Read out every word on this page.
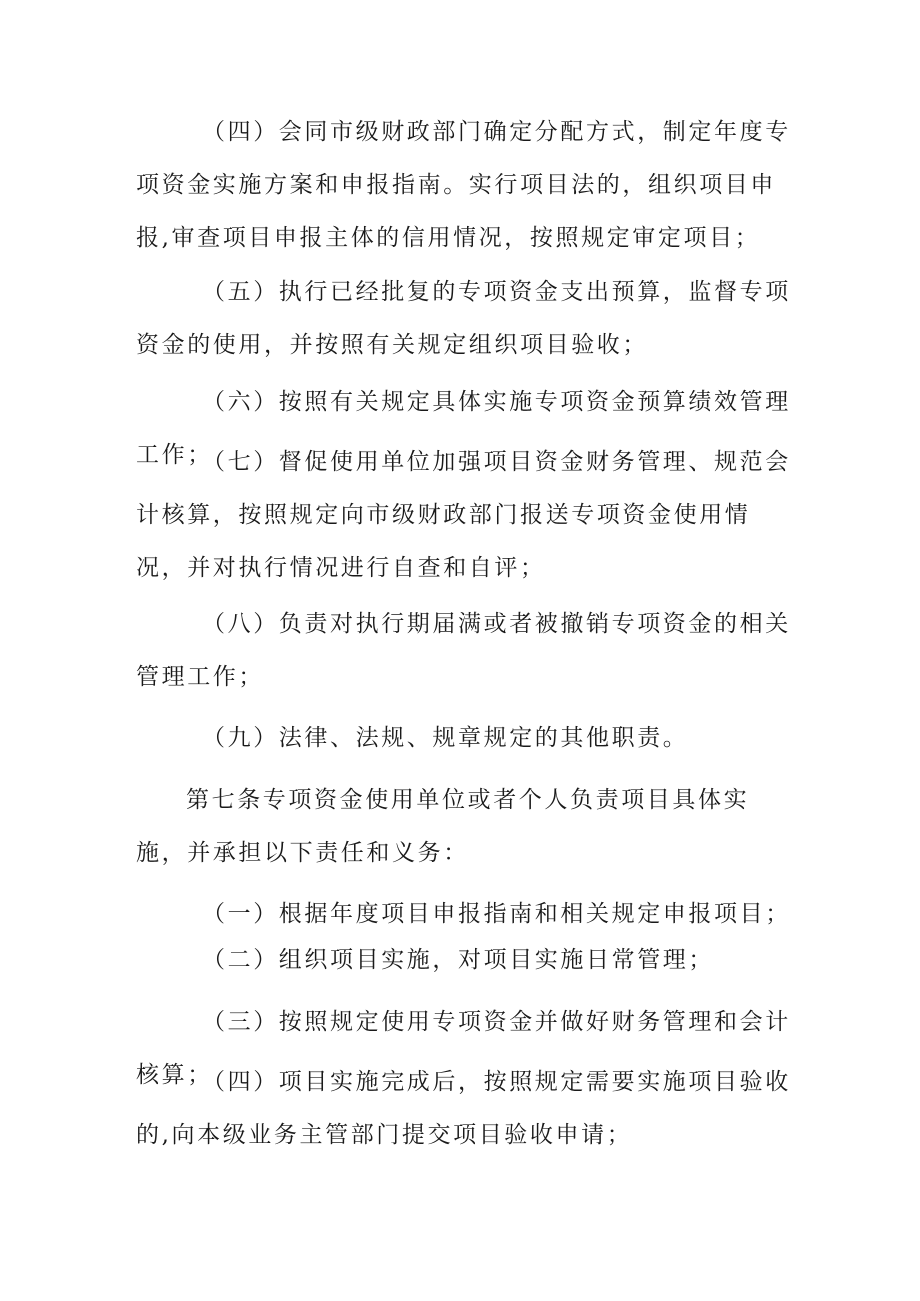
（四）会同市级财政部门确定分配方式，制定年度专项资金实施方案和申报指南。实行项目法的，组织项目申报,审查项目申报主体的信用情况，按照规定审定项目；

（五）执行已经批复的专项资金支出预算，监督专项资金的使用，并按照有关规定组织项目验收；

（六）按照有关规定具体实施专项资金预算绩效管理工作；

（七）督促使用单位加强项目资金财务管理、规范会计核算，按照规定向市级财政部门报送专项资金使用情况，并对执行情况进行自查和自评；

（八）负责对执行期届满或者被撤销专项资金的相关管理工作；

（九）法律、法规、规章规定的其他职责。

第七条专项资金使用单位或者个人负责项目具体实施，并承担以下责任和义务：

（一）根据年度项目申报指南和相关规定申报项目；

（二）组织项目实施，对项目实施日常管理；

（三）按照规定使用专项资金并做好财务管理和会计核算；

（四）项目实施完成后，按照规定需要实施项目验收的,向本级业务主管部门提交项目验收申请；
